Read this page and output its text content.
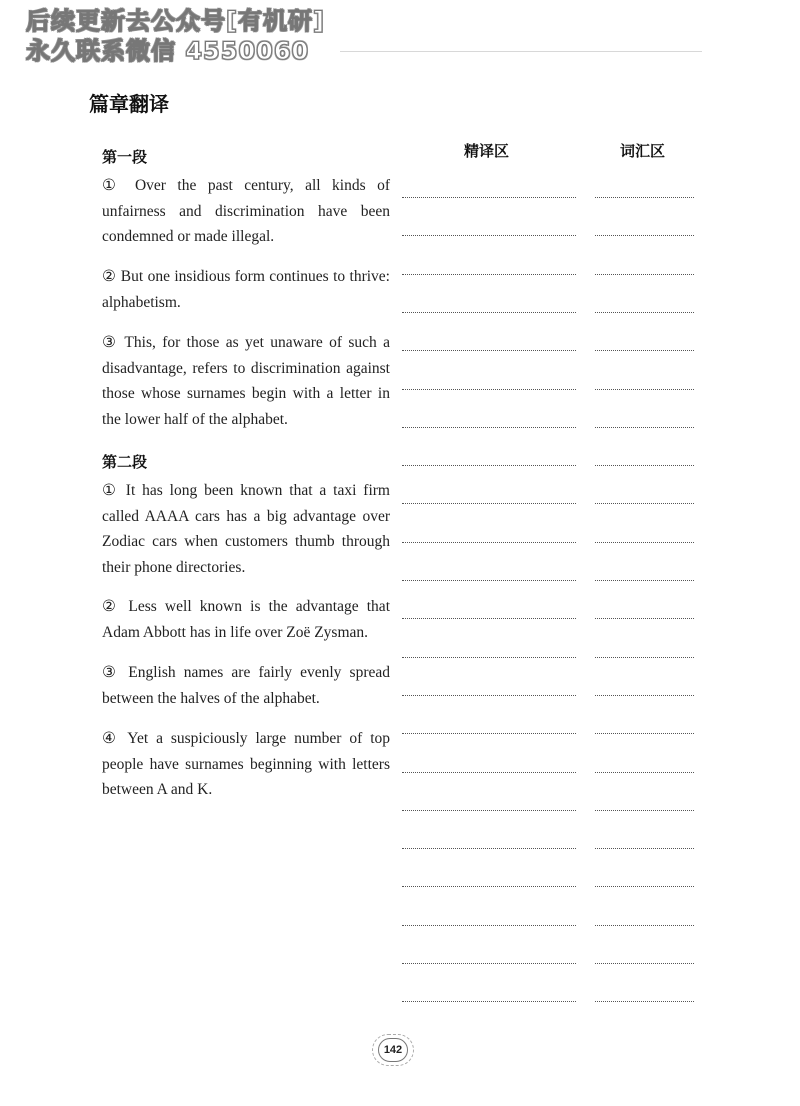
后续更新去公众号[有机研]
永久联系微信 4550060
篇章翻译
精译区	词汇区
第一段
① Over the past century, all kinds of unfairness and discrimination have been condemned or made illegal.
② But one insidious form continues to thrive: alphabetism.
③ This, for those as yet unaware of such a disadvantage, refers to discrimination against those whose surnames begin with a letter in the lower half of the alphabet.
第二段
① It has long been known that a taxi firm called AAAA cars has a big advantage over Zodiac cars when customers thumb through their phone directories.
② Less well known is the advantage that Adam Abbott has in life over Zoë Zysman.
③ English names are fairly evenly spread between the halves of the alphabet.
④ Yet a suspiciously large number of top people have surnames beginning with letters between A and K.
142
